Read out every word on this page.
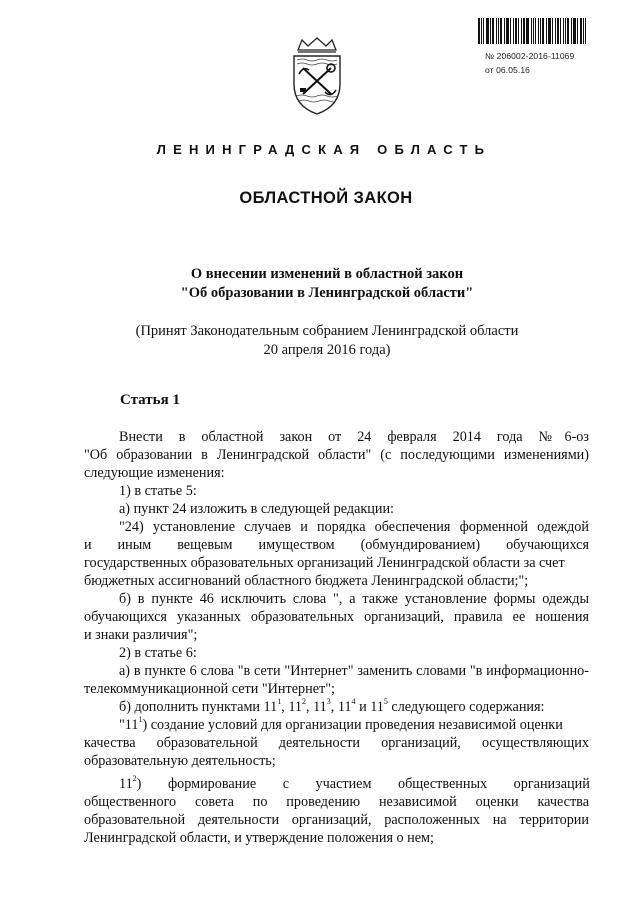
№ 206002-2016-11069
от 06.05.16
ЛЕНИНГРАДСКАЯ ОБЛАСТЬ
ОБЛАСТНОЙ ЗАКОН
О внесении изменений в областной закон
"Об образовании в Ленинградской области"
(Принят Законодательным собранием Ленинградской области
20 апреля 2016 года)
Статья 1
Внести в областной закон от 24 февраля 2014 года №6-оз
"Об образовании в Ленинградской области" (с последующими изменениями)
следующие изменения:
1) в статье 5:
а) пункт 24 изложить в следующей редакции:
"24) установление случаев и порядка обеспечения форменной одеждой
и иным вещевым имуществом (обмундированием) обучающихся
государственных образовательных организаций Ленинградской области за счет
бюджетных ассигнований областного бюджета Ленинградской области;";
б) в пункте 46 исключить слова ", а также установление формы одежды
обучающихся указанных образовательных организаций, правила ее ношения
и знаки различия";
2) в статье 6:
а) в пункте 6 слова "в сети "Интернет" заменить словами "в информационно-
телекоммуникационной сети "Интернет";
б) дополнить пунктами $11^1$, $11^2$, $11^3$, $11^4$ и $11^5$ следующего содержания:
"$11^1$) создание условий для организации проведения независимой оценки
качества образовательной деятельности организаций, осуществляющих
образовательную деятельность;
$11^2$) формирование с участием общественных организаций
общественного совета по проведению независимой оценки качества
образовательной деятельности организаций, расположенных на территории
Ленинградской области, и утверждение положения о нем;
